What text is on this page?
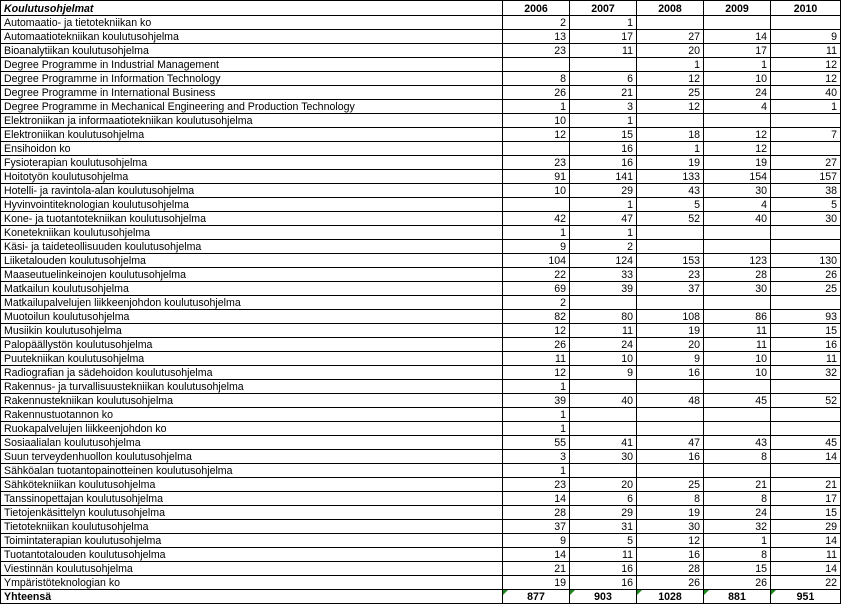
Koulutusohjelmat	2006	2007	2008	2009	2010
Automaatio- ja tietotekniikan ko	2	1			
Automaatiotekniikan koulutusohjelma	13	17	27	14	9
Bioanalytiikan koulutusohjelma	23	11	20	17	11
Degree Programme in Industrial Management			1	1	12
Degree Programme in Information Technology	8	6	12	10	12
Degree Programme in International Business	26	21	25	24	40
Degree Programme in Mechanical Engineering and Production Technology	1	3	12	4	1
Elektroniikan ja informaatiotekniikan koulutusohjelma	10	1			
Elektroniikan koulutusohjelma	12	15	18	12	7
Ensihoidon ko		16	1	12	
Fysioterapian koulutusohjelma	23	16	19	19	27
Hoitotyön koulutusohjelma	91	141	133	154	157
Hotelli- ja ravintola-alan koulutusohjelma	10	29	43	30	38
Hyvinvointiteknologian koulutusohjelma		1	5	4	5
Kone- ja tuotantotekniikan koulutusohjelma	42	47	52	40	30
Konetekniikan koulutusohjelma	1	1			
Käsi- ja taideteollisuuden koulutusohjelma	9	2			
Liiketalouden koulutusohjelma	104	124	153	123	130
Maaseutuelinkeinojen koulutusohjelma	22	33	23	28	26
Matkailun koulutusohjelma	69	39	37	30	25
Matkailupalvelujen liikkeenjohdon koulutusohjelma	2				
Muotoilun koulutusohjelma	82	80	108	86	93
Musiikin koulutusohjelma	12	11	19	11	15
Palopäällystön koulutusohjelma	26	24	20	11	16
Puutekniikan koulutusohjelma	11	10	9	10	11
Radiografian ja sädehoidon koulutusohjelma	12	9	16	10	32
Rakennus- ja turvallisuustekniikan koulutusohjelma	1				
Rakennustekniikan koulutusohjelma	39	40	48	45	52
Rakennustuotannon ko	1				
Ruokapalvelujen liikkeenjohdon ko	1				
Sosiaalialan koulutusohjelma	55	41	47	43	45
Suun terveydenhuollon koulutusohjelma	3	30	16	8	14
Sähköalan tuotantopainotteinen koulutusohjelma	1				
Sähkötekniikan koulutusohjelma	23	20	25	21	21
Tanssinopettajan koulutusohjelma	14	6	8	8	17
Tietojenkäsittelyn koulutusohjelma	28	29	19	24	15
Tietotekniikan koulutusohjelma	37	31	30	32	29
Toimintaterapian koulutusohjelma	9	5	12	1	14
Tuotantotalouden koulutusohjelma	14	11	16	8	11
Viestinnän koulutusohjelma	21	16	28	15	14
Ympäristöteknologian ko	19	16	26	26	22
Yhteensä	877	903	1028	881	951
